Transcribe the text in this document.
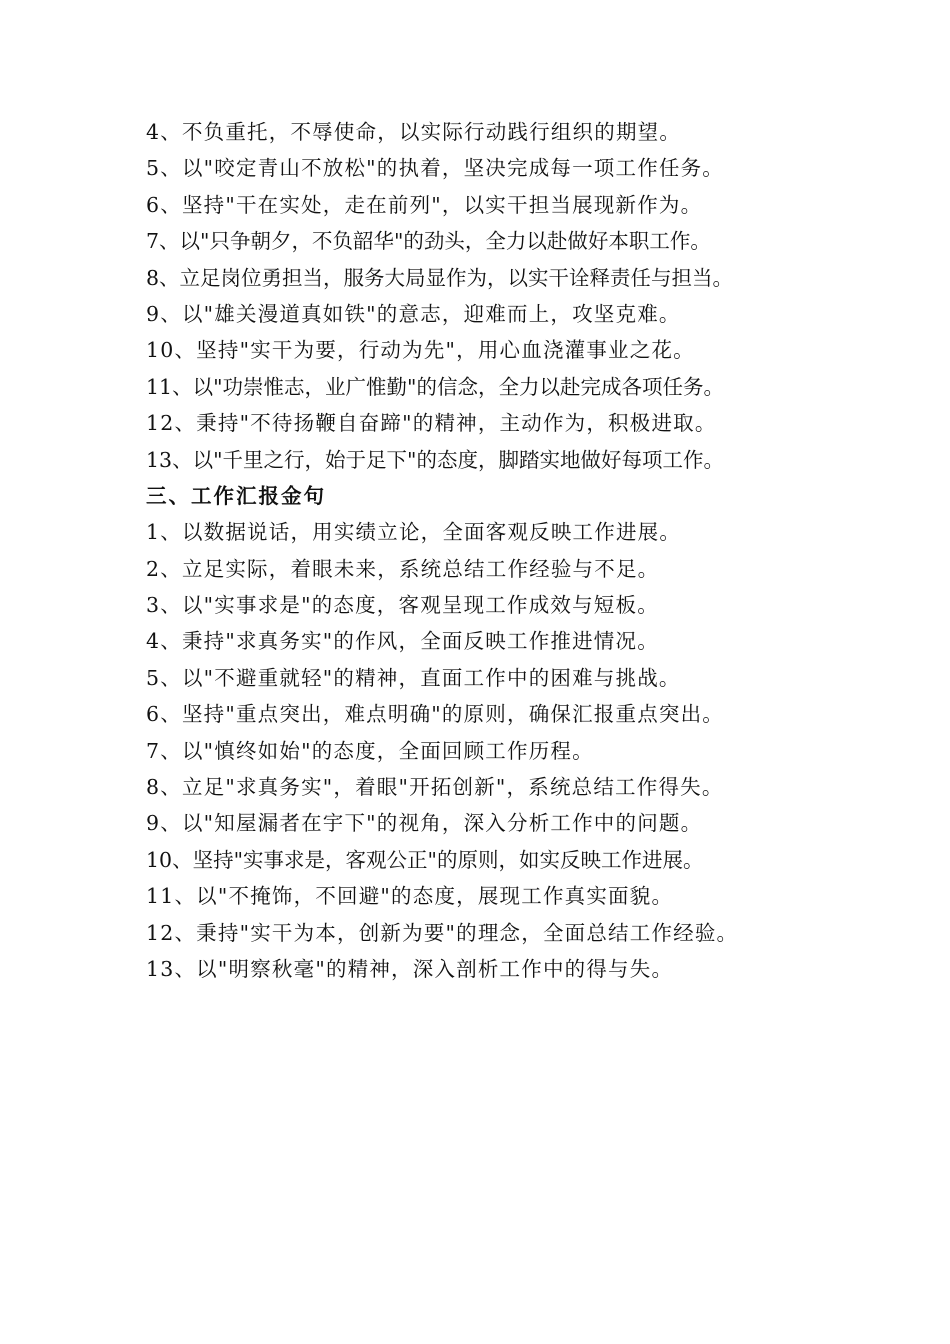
4、不负重托，不辱使命，以实际行动践行组织的期望。
5、以"咬定青山不放松"的执着，坚决完成每一项工作任务。
6、坚持"干在实处，走在前列"，以实干担当展现新作为。
7、以"只争朝夕，不负韶华"的劲头，全力以赴做好本职工作。
8、立足岗位勇担当，服务大局显作为，以实干诠释责任与担当。
9、以"雄关漫道真如铁"的意志，迎难而上，攻坚克难。
10、坚持"实干为要，行动为先"，用心血浇灌事业之花。
11、以"功崇惟志，业广惟勤"的信念，全力以赴完成各项任务。
12、秉持"不待扬鞭自奋蹄"的精神，主动作为，积极进取。
13、以"千里之行，始于足下"的态度，脚踏实地做好每项工作。
三、工作汇报金句
1、以数据说话，用实绩立论，全面客观反映工作进展。
2、立足实际，着眼未来，系统总结工作经验与不足。
3、以"实事求是"的态度，客观呈现工作成效与短板。
4、秉持"求真务实"的作风，全面反映工作推进情况。
5、以"不避重就轻"的精神，直面工作中的困难与挑战。
6、坚持"重点突出，难点明确"的原则，确保汇报重点突出。
7、以"慎终如始"的态度，全面回顾工作历程。
8、立足"求真务实"，着眼"开拓创新"，系统总结工作得失。
9、以"知屋漏者在宇下"的视角，深入分析工作中的问题。
10、坚持"实事求是，客观公正"的原则，如实反映工作进展。
11、以"不掩饰，不回避"的态度，展现工作真实面貌。
12、秉持"实干为本，创新为要"的理念，全面总结工作经验。
13、以"明察秋毫"的精神，深入剖析工作中的得与失。
